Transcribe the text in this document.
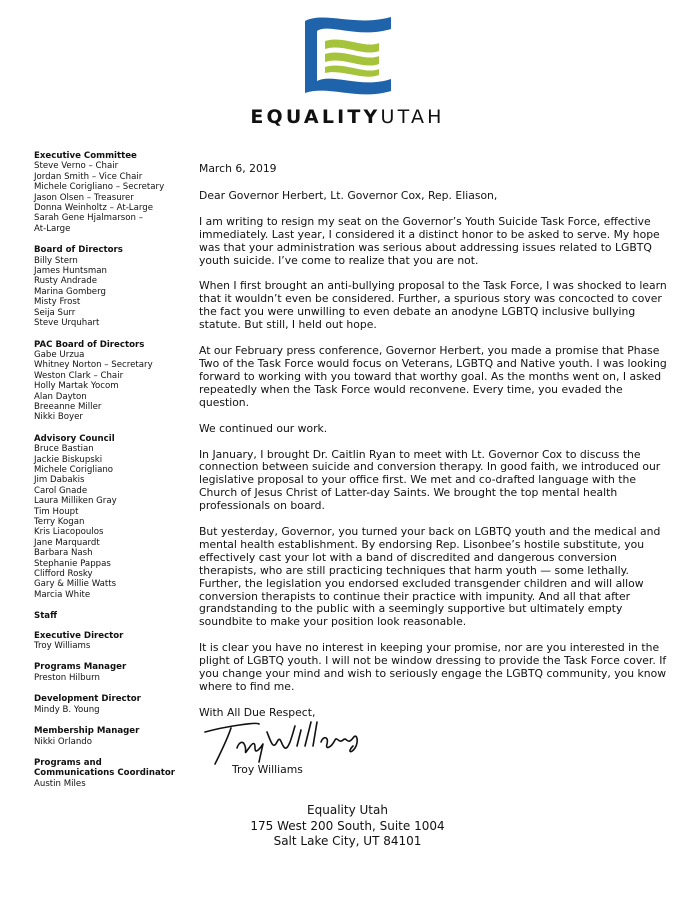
EQUALITYUTAH
Executive Committee
Steve Verno – Chair
Jordan Smith – Vice Chair
Michele Corigliano – Secretary
Jason Olsen – Treasurer
Donna Weinholtz – At-Large
Sarah Gene Hjalmarson –
At-Large
Board of Directors
Billy Stern
James Huntsman
Rusty Andrade
Marina Gomberg
Misty Frost
Seija Surr
Steve Urquhart
PAC Board of Directors
Gabe Urzua
Whitney Norton – Secretary
Weston Clark – Chair
Holly Martak Yocom
Alan Dayton
Breeanne Miller
Nikki Boyer
Advisory Council
Bruce Bastian
Jackie Biskupski
Michele Corigliano
Jim Dabakis
Carol Gnade
Laura Milliken Gray
Tim Houpt
Terry Kogan
Kris Liacopoulos
Jane Marquardt
Barbara Nash
Stephanie Pappas
Clifford Rosky
Gary & Millie Watts
Marcia White
Staff
Executive Director
Troy Williams
Programs Manager
Preston Hilburn
Development Director
Mindy B. Young
Membership Manager
Nikki Orlando
Programs and
Communications Coordinator
Austin Miles

March 6, 2019

Dear Governor Herbert, Lt. Governor Cox, Rep. Eliason,

I am writing to resign my seat on the Governor’s Youth Suicide Task Force, effective immediately. Last year, I considered it a distinct honor to be asked to serve. My hope was that your administration was serious about addressing issues related to LGBTQ youth suicide. I’ve come to realize that you are not.

When I first brought an anti-bullying proposal to the Task Force, I was shocked to learn that it wouldn’t even be considered. Further, a spurious story was concocted to cover the fact you were unwilling to even debate an anodyne LGBTQ inclusive bullying statute. But still, I held out hope.

At our February press conference, Governor Herbert, you made a promise that Phase Two of the Task Force would focus on Veterans, LGBTQ and Native youth. I was looking forward to working with you toward that worthy goal. As the months went on, I asked repeatedly when the Task Force would reconvene. Every time, you evaded the question.

We continued our work.

In January, I brought Dr. Caitlin Ryan to meet with Lt. Governor Cox to discuss the connection between suicide and conversion therapy. In good faith, we introduced our legislative proposal to your office first. We met and co-drafted language with the Church of Jesus Christ of Latter-day Saints. We brought the top mental health professionals on board.

But yesterday, Governor, you turned your back on LGBTQ youth and the medical and mental health establishment. By endorsing Rep. Lisonbee’s hostile substitute, you effectively cast your lot with a band of discredited and dangerous conversion therapists, who are still practicing techniques that harm youth — some lethally. Further, the legislation you endorsed excluded transgender children and will allow conversion therapists to continue their practice with impunity. And all that after grandstanding to the public with a seemingly supportive but ultimately empty soundbite to make your position look reasonable.

It is clear you have no interest in keeping your promise, nor are you interested in the plight of LGBTQ youth. I will not be window dressing to provide the Task Force cover. If you change your mind and wish to seriously engage the LGBTQ community, you know where to find me.

With All Due Respect,

Troy Williams
Equality Utah
175 West 200 South, Suite 1004
Salt Lake City, UT 84101
